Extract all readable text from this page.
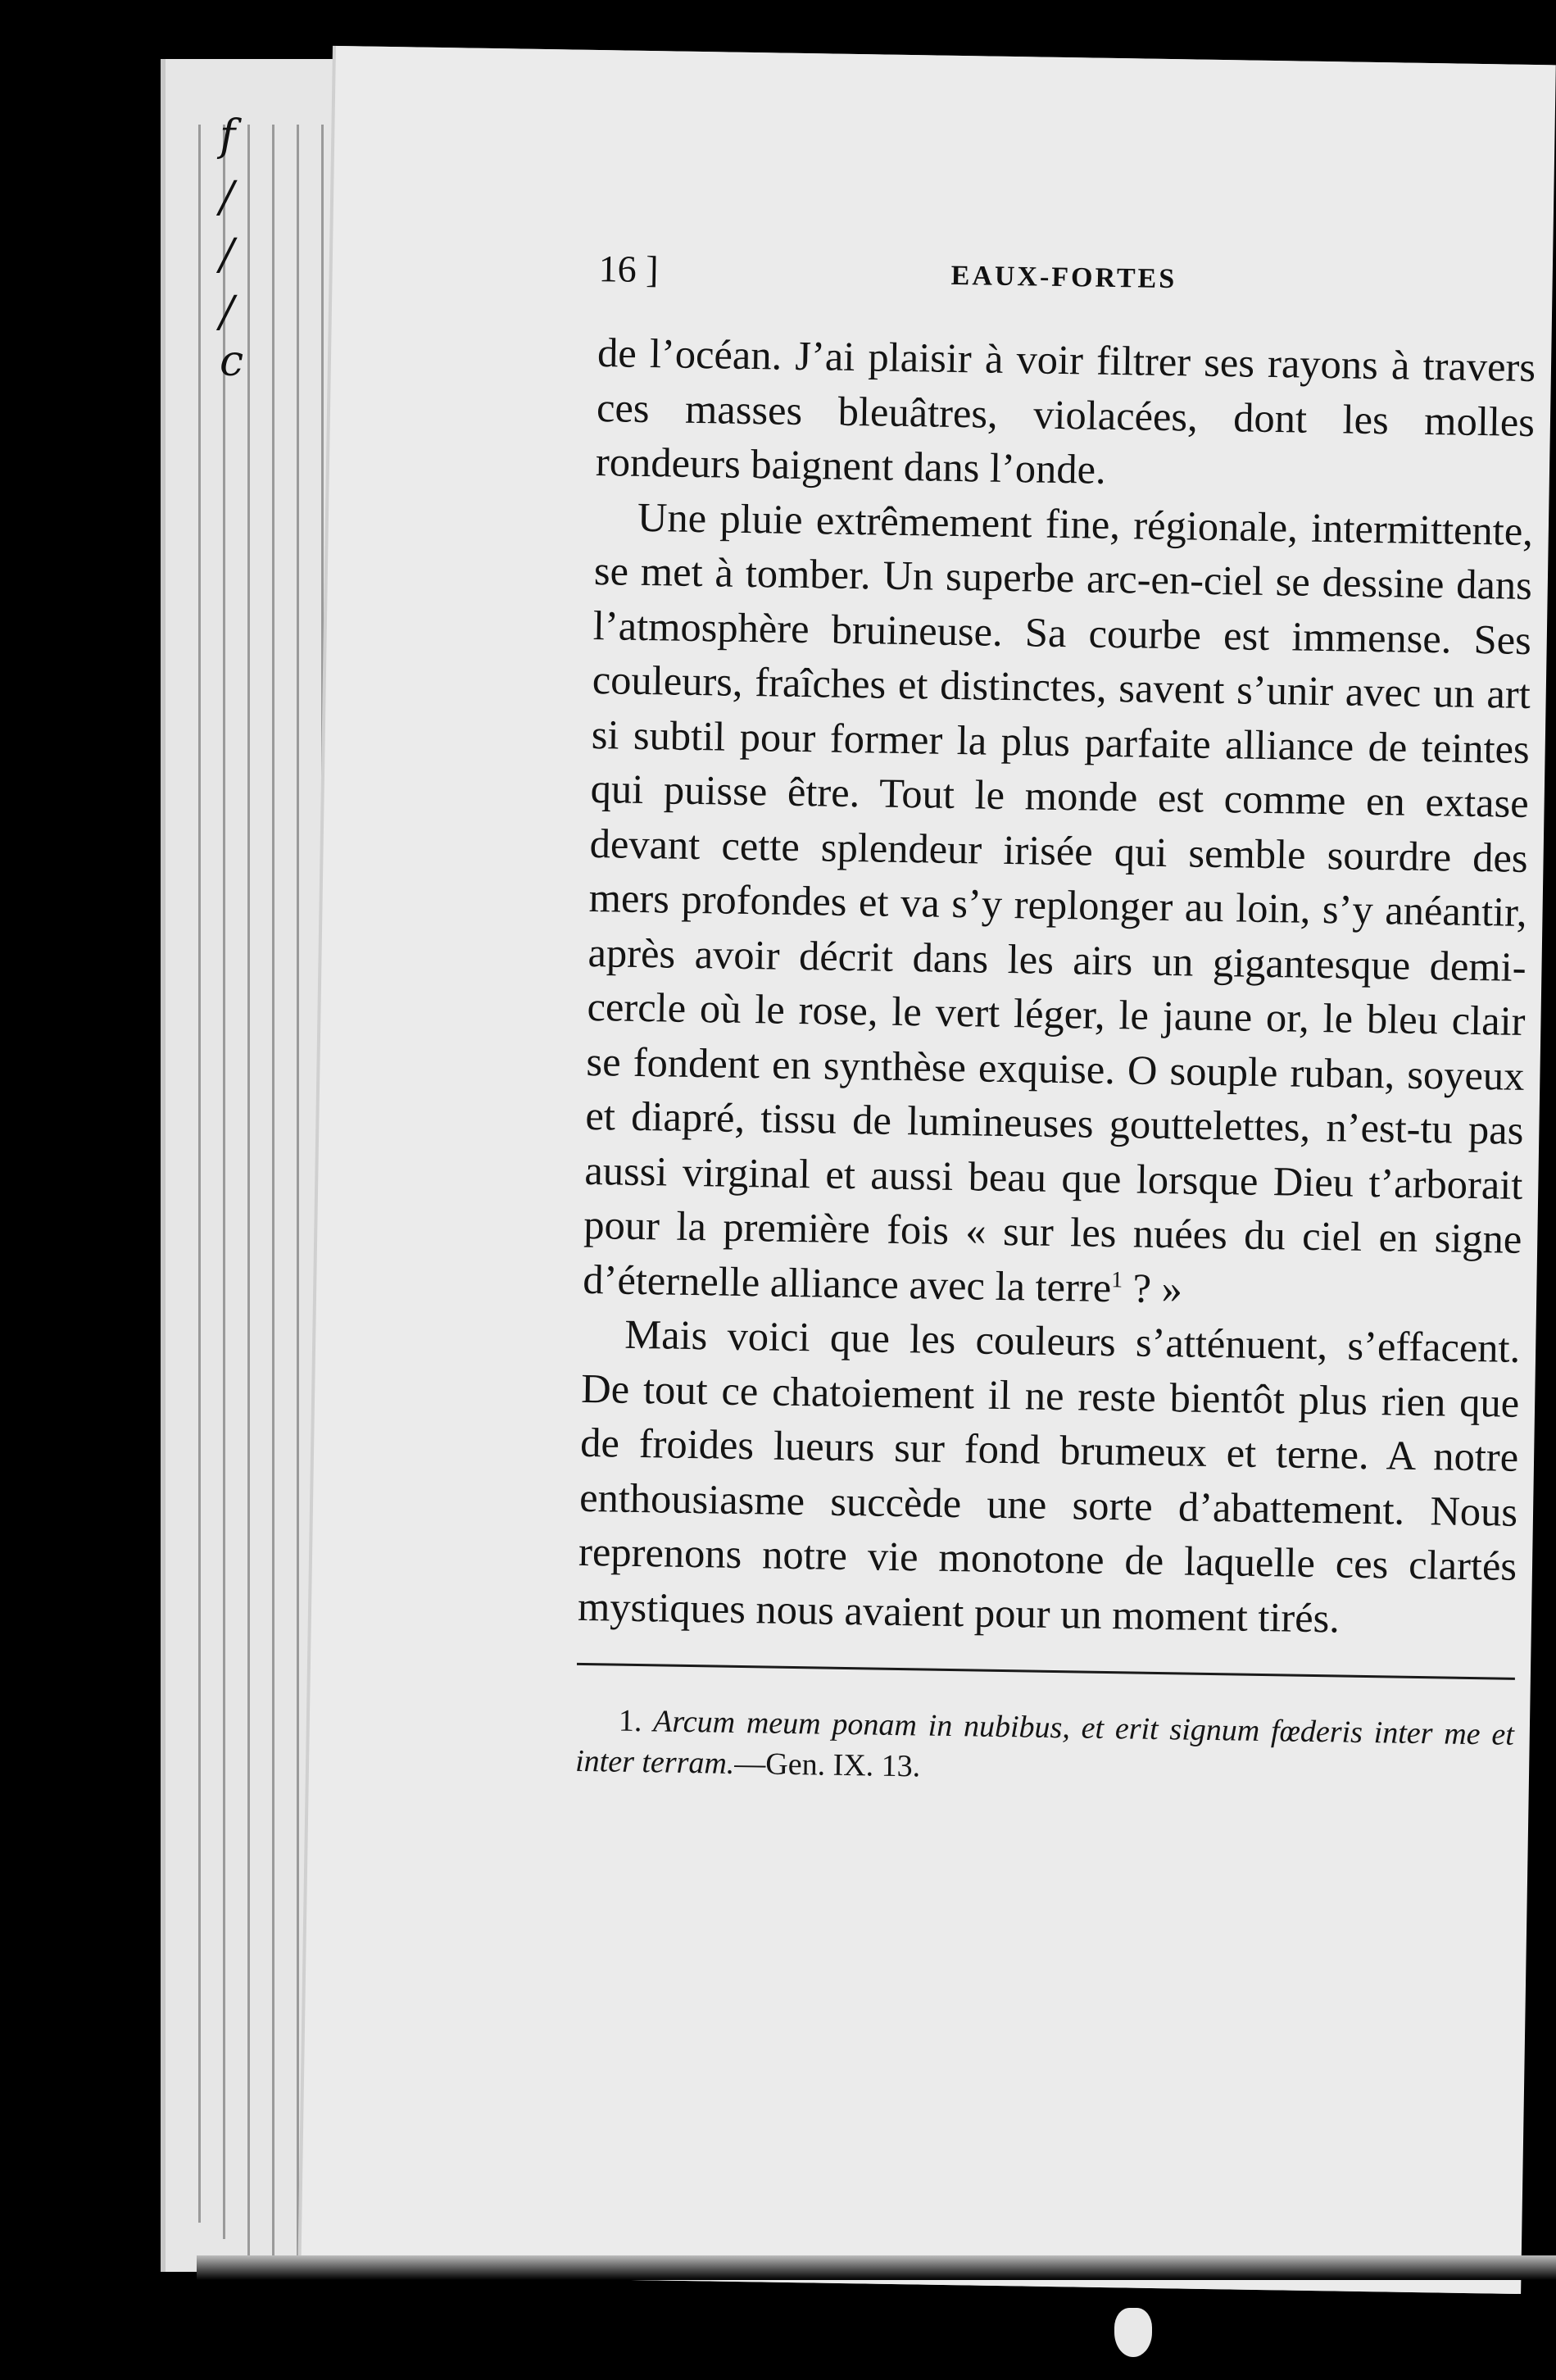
f
/
/
/
c
16 ]	EAUX-FORTES

de l’océan. J’ai plaisir à voir filtrer ses rayons à travers ces masses bleuâtres, violacées, dont les molles rondeurs baignent dans l’onde.

Une pluie extrêmement fine, régionale, intermittente, se met à tomber. Un superbe arc-en-ciel se dessine dans l’atmosphère bruineuse. Sa courbe est immense. Ses couleurs, fraîches et distinctes, savent s’unir avec un art si subtil pour former la plus parfaite alliance de teintes qui puisse être. Tout le monde est comme en extase devant cette splendeur irisée qui semble sourdre des mers profondes et va s’y replonger au loin, s’y anéantir, après avoir décrit dans les airs un gigantesque demi-cercle où le rose, le vert léger, le jaune or, le bleu clair se fondent en synthèse exquise. O souple ruban, soyeux et diapré, tissu de lumineuses gouttelettes, n’est-tu pas aussi virginal et aussi beau que lorsque Dieu t’arborait pour la première fois « sur les nuées du ciel en signe d’éternelle alliance avec la terre$^1$ ? »

Mais voici que les couleurs s’atténuent, s’effacent. De tout ce chatoiement il ne reste bientôt plus rien que de froides lueurs sur fond brumeux et terne. A notre enthousiasme succède une sorte d’abattement. Nous reprenons notre vie monotone de laquelle ces clartés mystiques nous avaient pour un moment tirés.

1. Arcum meum ponam in nubibus, et erit signum fœderis inter me et inter terram.—Gen. IX. 13.
